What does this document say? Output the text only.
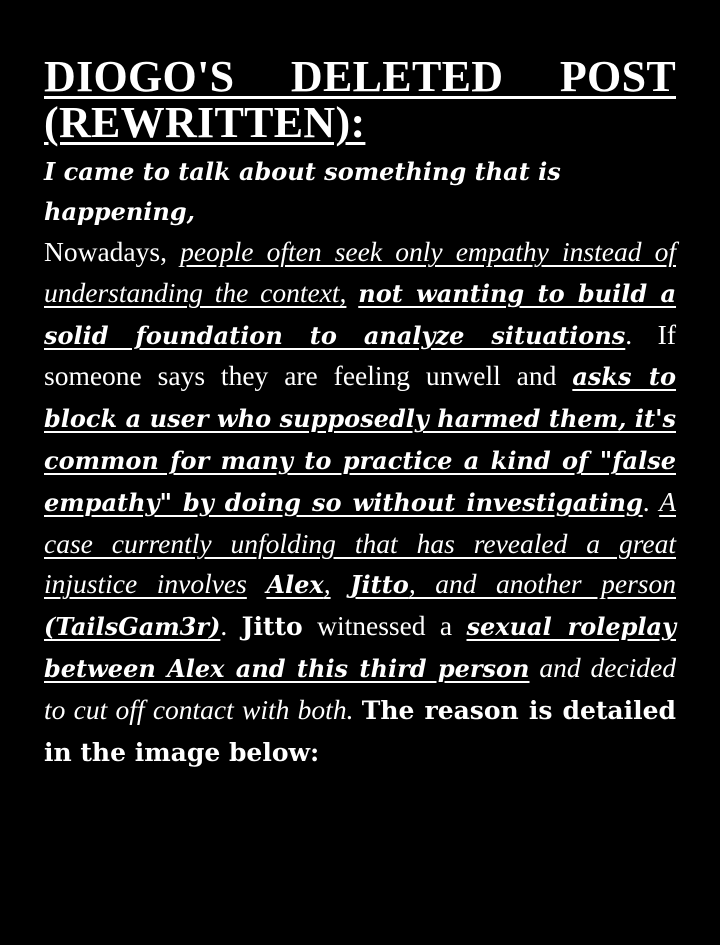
DIOGO'S DELETED POST (REWRITTEN):

I came to talk about something that is happening,

Nowadays, people often seek only empathy instead of understanding the context, not wanting to build a solid foundation to analyze situations. If someone says they are feeling unwell and asks to block a user who supposedly harmed them, it's common for many to practice a kind of "false empathy" by doing so without investigating. A case currently unfolding that has revealed a great injustice involves Alex, Jitto, and another person (TailsGam3r). Jitto witnessed a sexual roleplay between Alex and this third person and decided to cut off contact with both. The reason is detailed in the image below:
